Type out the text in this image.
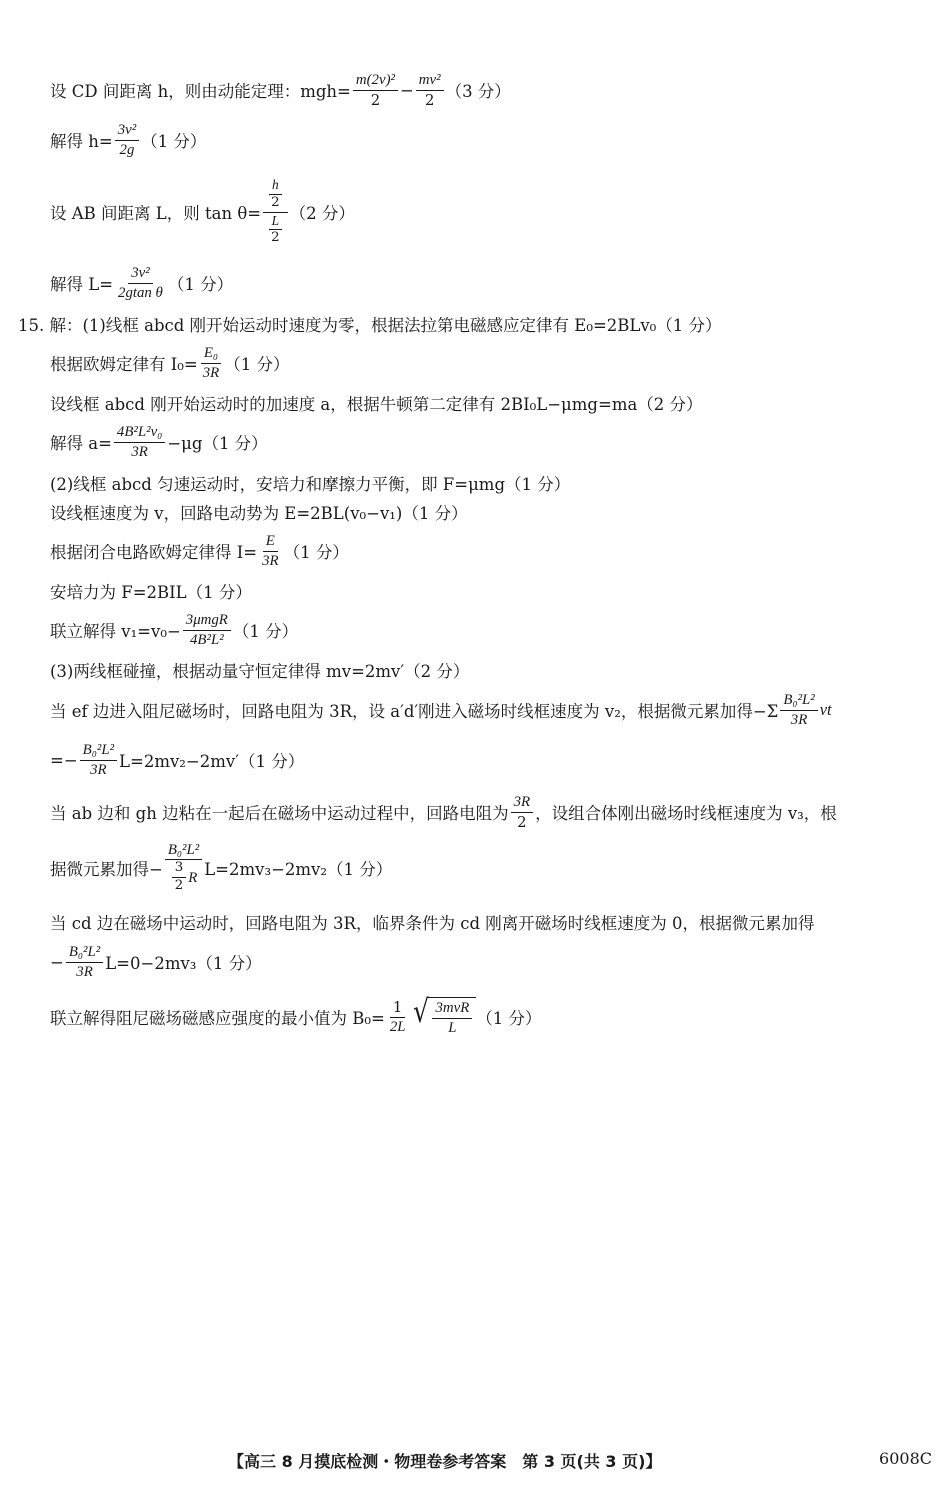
设 CD 间距离 h，则由动能定理：$mgh= \frac{\text{m(2v)²}}{2} - \frac{\text{mv²}}{2} (3$ 分）
解得 $h= \frac{\text{3v²}}{2g} (1$ 分）
设 AB 间距离 L，则 $\tan \theta= \frac{\frac{h}{2}}{\frac{L}{2}} (2$ 分）
解得 $L= \frac{\text{3v²}}{\text{2gtan θ}} (1$ 分）
15. 解：(1)线框 abcd 刚开始运动时速度为零，根据法拉第电磁感应定律有 E₀=2BLv₀（1 分）
根据欧姆定律有 $I_0= \frac{\text{E₀}}{3R} (1$ 分）
设线框 abcd 刚开始运动时的加速度 a，根据牛顿第二定律有 2BI₀L−μmg=ma（2 分）
解得 $a= \frac{\text{4B²L²v₀}}{3R} -\mu g(1$ 分）
(2)线框 abcd 匀速运动时，安培力和摩擦力平衡，即 F=μmg（1 分）
设线框速度为 v，回路电动势为 E=2BL(v₀−v₁)（1 分）
根据闭合电路欧姆定律得 $I= \frac{E}{3R} (1$ 分）
安培力为 F=2BIL（1 分）
联立解得 $v_1=v_0- \frac{\text{3μmgR}}{\text{4B²L²}} (1$ 分）
(3)两线框碰撞，根据动量守恒定律得 mv=2mv′（2 分）
当 ef 边进入阻尼磁场时，回路电阻为 3R，设 a′d′刚进入磁场时线框速度为 v₂，根据微元累加得$-\Sigma \frac{\text{B₀²L²}}{3R}$ vt
=− $\frac{\text{B₀²L²}}{3R} L=2mv_2-2mv'(1$ 分）
当 ab 边和 gh 边粘在一起后在磁场中运动过程中，回路电阻为 $\frac{3R}{2}$ ，设组合体刚出磁场时线框速度为 v₃，根
据微元累加得− $\frac{\text{B₀²L²}}{\frac{3}{2} R} L=2mv_3-2mv_2(1$ 分）
当 cd 边在磁场中运动时，回路电阻为 3R，临界条件为 cd 刚离开磁场时线框速度为 0，根据微元累加得
− $\frac{\text{B₀²L²}}{3R} L=0-2mv_3(1$ 分）
联立解得阻尼磁场磁感应强度的最小值为 $B_0= \frac{1}{2L}$ √ $\frac{\text{3mvR}}{L} (1$ 分）
【高三 8 月摸底检测・物理卷参考答案　第 3 页(共 3 页)】	6008C
